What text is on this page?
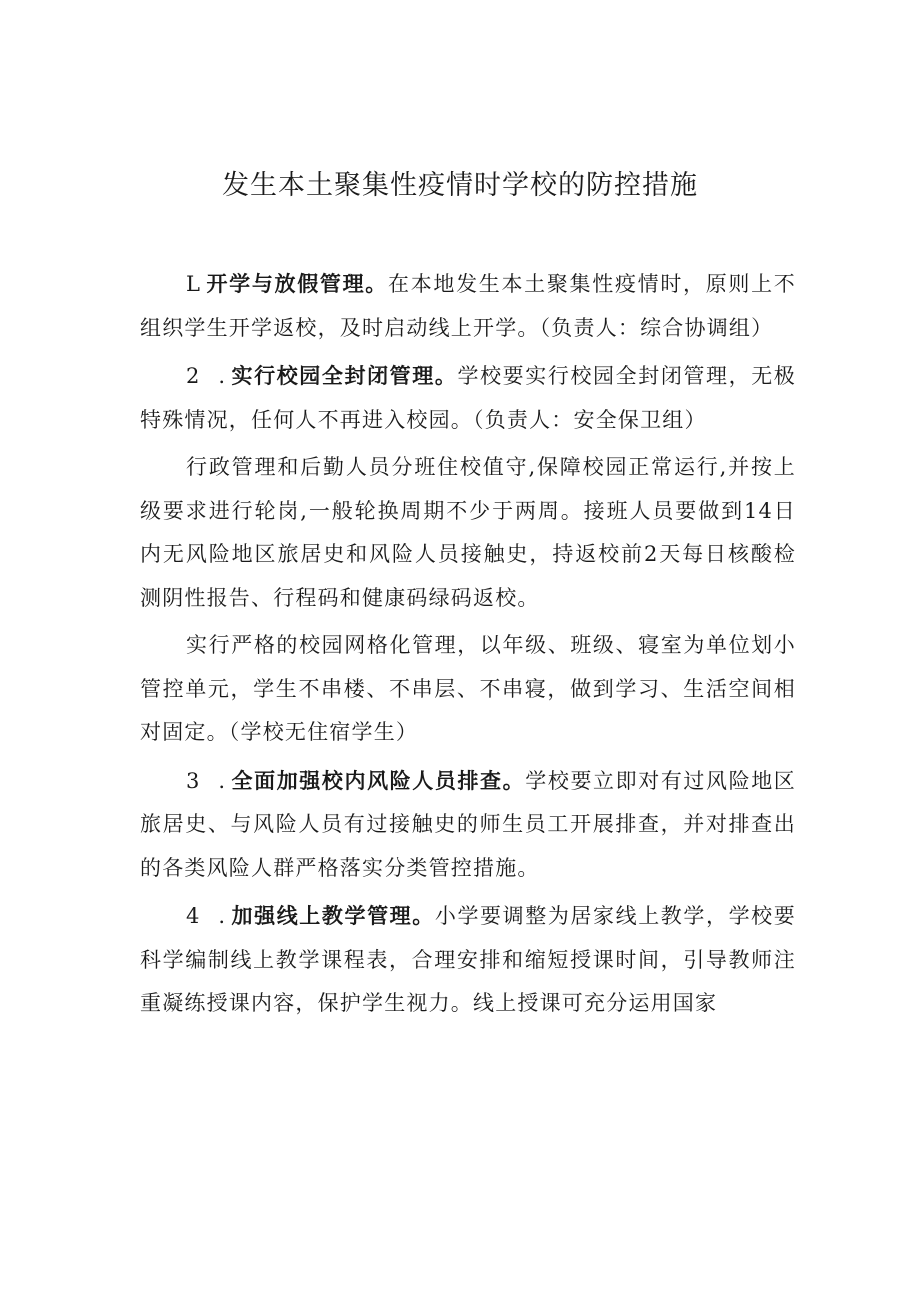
发生本土聚集性疫情时学校的防控措施

L开学与放假管理。在本地发生本土聚集性疫情时，原则上不组织学生开学返校，及时启动线上开学。（负责人：综合协调组）

2 .实行校园全封闭管理。学校要实行校园全封闭管理，无极特殊情况，任何人不再进入校园。（负责人：安全保卫组）

行政管理和后勤人员分班住校值守,保障校园正常运行,并按上级要求进行轮岗,一般轮换周期不少于两周。接班人员要做到14日内无风险地区旅居史和风险人员接触史，持返校前2天每日核酸检测阴性报告、行程码和健康码绿码返校。

实行严格的校园网格化管理，以年级、班级、寝室为单位划小管控单元，学生不串楼、不串层、不串寝，做到学习、生活空间相对固定。（学校无住宿学生）

3 .全面加强校内风险人员排查。学校要立即对有过风险地区旅居史、与风险人员有过接触史的师生员工开展排查，并对排查出的各类风险人群严格落实分类管控措施。

4 .加强线上教学管理。小学要调整为居家线上教学，学校要科学编制线上教学课程表，合理安排和缩短授课时间，引导教师注重凝练授课内容，保护学生视力。线上授课可充分运用国家
